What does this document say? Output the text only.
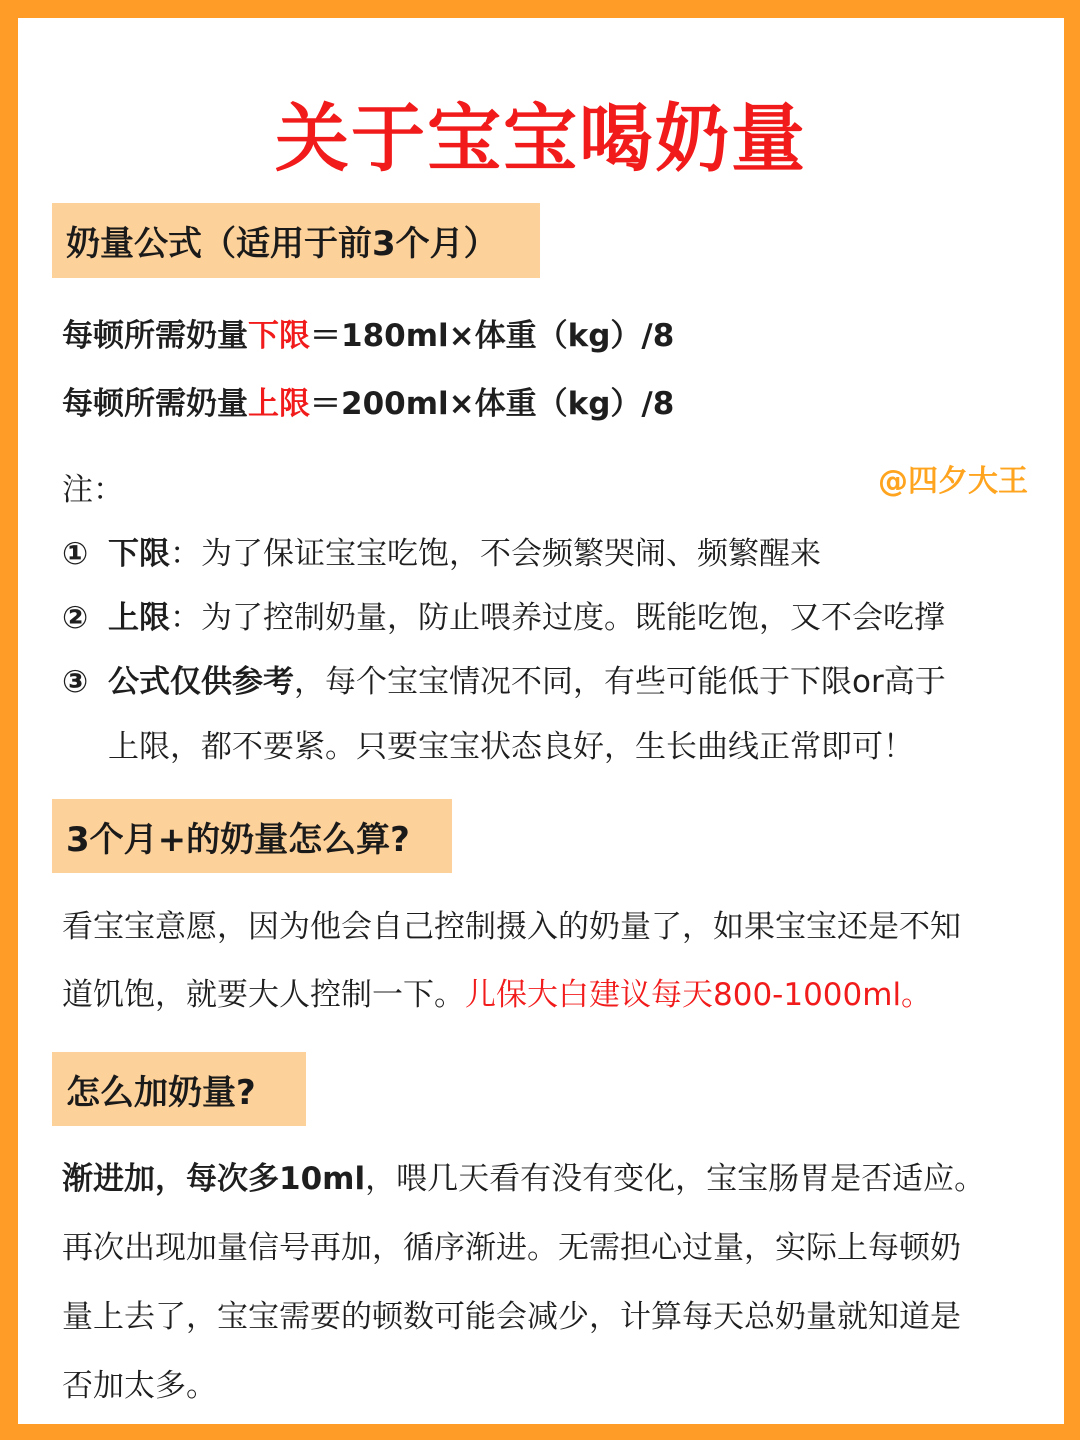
关于宝宝喝奶量
奶量公式（适用于前3个月）
每顿所需奶量下限＝180ml×体重（kg）/8
每顿所需奶量上限＝200ml×体重（kg）/8
注：	@四夕大王
① 下限：为了保证宝宝吃饱，不会频繁哭闹、频繁醒来
② 上限：为了控制奶量，防止喂养过度。既能吃饱，又不会吃撑
③ 公式仅供参考，每个宝宝情况不同，有些可能低于下限or高于
上限，都不要紧。只要宝宝状态良好，生长曲线正常即可！
3个月+的奶量怎么算?
看宝宝意愿，因为他会自己控制摄入的奶量了，如果宝宝还是不知
道饥饱，就要大人控制一下。儿保大白建议每天800-1000ml。
怎么加奶量?
渐进加，每次多10ml，喂几天看有没有变化，宝宝肠胃是否适应。
再次出现加量信号再加，循序渐进。无需担心过量，实际上每顿奶
量上去了，宝宝需要的顿数可能会减少，计算每天总奶量就知道是
否加太多。
